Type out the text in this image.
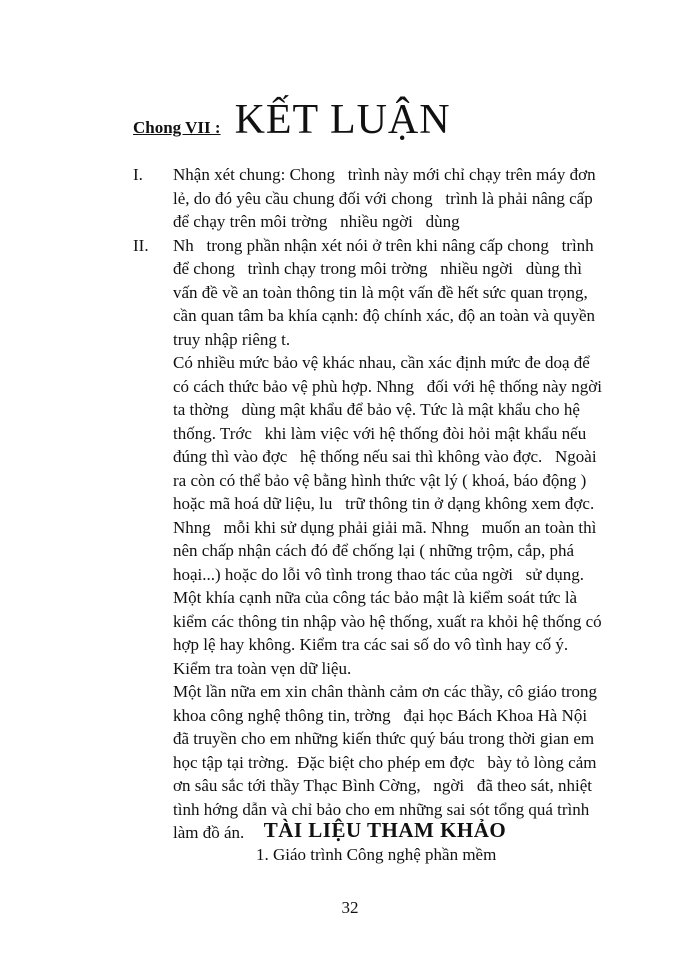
Chong VII : KẾT LUẬN
I. Nhận xét chung: Chong   trình này mới chỉ chạy trên máy đơn lẻ, do đó yêu cầu chung đối với chong   trình là phải nâng cấp để chạy trên môi trờng   nhiều ngời   dùng
II. Nh   trong phần nhận xét nói ở trên khi nâng cấp chong   trình để chong   trình chạy trong môi trờng   nhiều ngời   dùng thì vấn đề về an toàn thông tin là một vấn đề hết sức quan trọng, cần quan tâm ba khía cạnh: độ chính xác, độ an toàn và quyền truy nhập riêng t.
Có nhiều mức bảo vệ khác nhau, cần xác định mức đe doạ để có cách thức bảo vệ phù hợp. Nhng   đối với hệ thống này ngời   ta thờng   dùng mật khẩu để bảo vệ. Tức là mật khẩu cho hệ thống. Trớc   khi làm việc với hệ thống đòi hỏi mật khẩu nếu đúng thì vào đợc   hệ thống nếu sai thì không vào đợc.   Ngoài ra còn có thể bảo vệ bằng hình thức vật lý ( khoá, báo động ) hoặc mã hoá dữ liệu, lu   trữ thông tin ở dạng không xem đợc.   Nhng   mỗi khi sử dụng phải giải mã. Nhng   muốn an toàn thì nên chấp nhận cách đó để chống lại ( những trộm, cắp, phá hoại...) hoặc do lỗi vô tình trong thao tác của ngời   sử dụng.
Một khía cạnh nữa của công tác bảo mật là kiểm soát tức là kiểm các thông tin nhập vào hệ thống, xuất ra khỏi hệ thống có hợp lệ hay không. Kiểm tra các sai số do vô tình hay cố ý. Kiểm tra toàn vẹn dữ liệu.
Một lần nữa em xin chân thành cảm ơn các thầy, cô giáo trong khoa công nghệ thông tin, trờng   đại học Bách Khoa Hà Nội đã truyền cho em những kiến thức quý báu trong thời gian em học tập tại trờng.  Đặc biệt cho phép em đợc   bày tỏ lòng cảm ơn sâu sắc tới thầy Thạc Bình Cờng,   ngời   đã theo sát, nhiệt tình hớng dẫn và chỉ bảo cho em những sai sót tổng quá trình làm đồ án. TÀI LIỆU THAM KHẢO
1. Giáo trình Công nghệ phần mềm
32
